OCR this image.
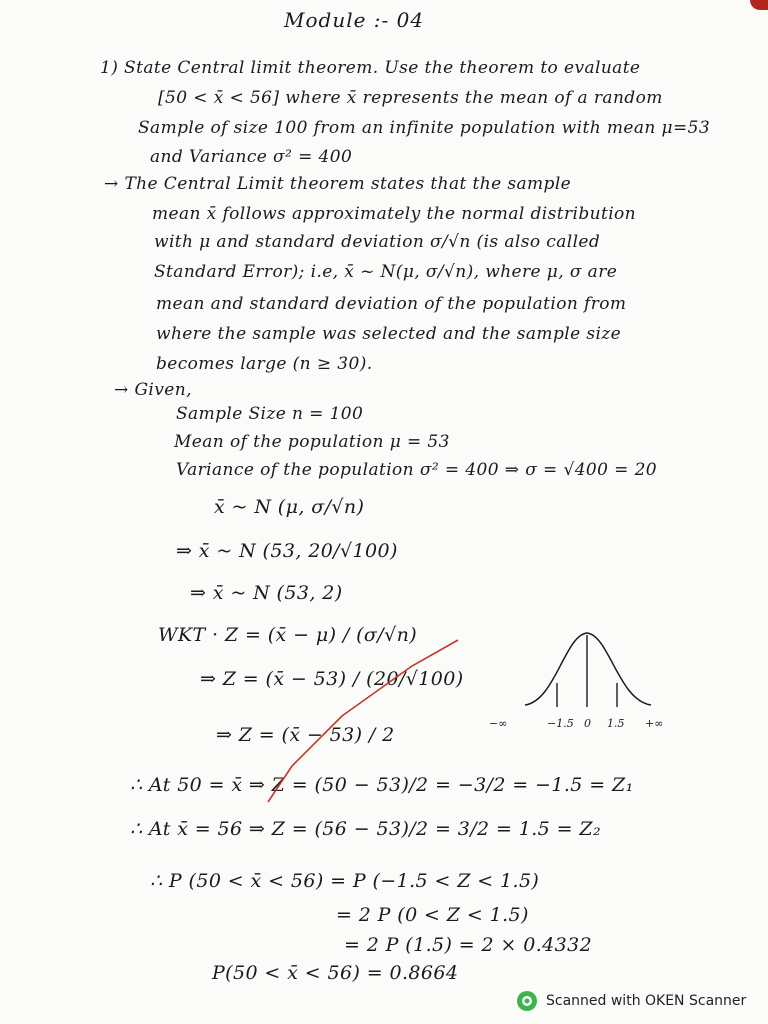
Module :- 04
1) State Central limit theorem. Use the theorem to evaluate
[50 < x̄ < 56] where x̄ represents the mean of a random
Sample of size 100 from an infinite population with mean μ=53
and Variance σ² = 400
→ The Central Limit theorem states that the sample
mean x̄ follows approximately the normal distribution
with μ and standard deviation σ/√n (is also called
Standard Error); i.e, x̄ ~ N(μ, σ/√n), where μ, σ are
mean and standard deviation of the population from
where the sample was selected and the sample size
becomes large (n ≥ 30).
→ Given,
Sample Size n = 100
Mean of the population μ = 53
Variance of the population σ² = 400 ⇒ σ = √400 = 20
x̄ ~ N (μ, σ/√n)
⇒ x̄ ~ N (53, 20/√100)
⇒ x̄ ~ N (53, 2)
WKT · Z = (x̄ − μ) / (σ/√n)
⇒ Z = (x̄ − 53) / (20/√100)
⇒ Z = (x̄ − 53) / 2
∴ At 50 = x̄ ⇒ Z = (50 − 53)/2 = −3/2 = −1.5 = Z₁
∴ At x̄ = 56 ⇒ Z = (56 − 53)/2 = 3/2 = 1.5 = Z₂
∴ P (50 < x̄ < 56) = P (−1.5 < Z < 1.5)
= 2 P (0 < Z < 1.5)
= 2 P (1.5) = 2 × 0.4332
P(50 < x̄ < 56) = 0.8664
−∞	−1.5 0 1.5 +∞
Scanned with OKEN Scanner
